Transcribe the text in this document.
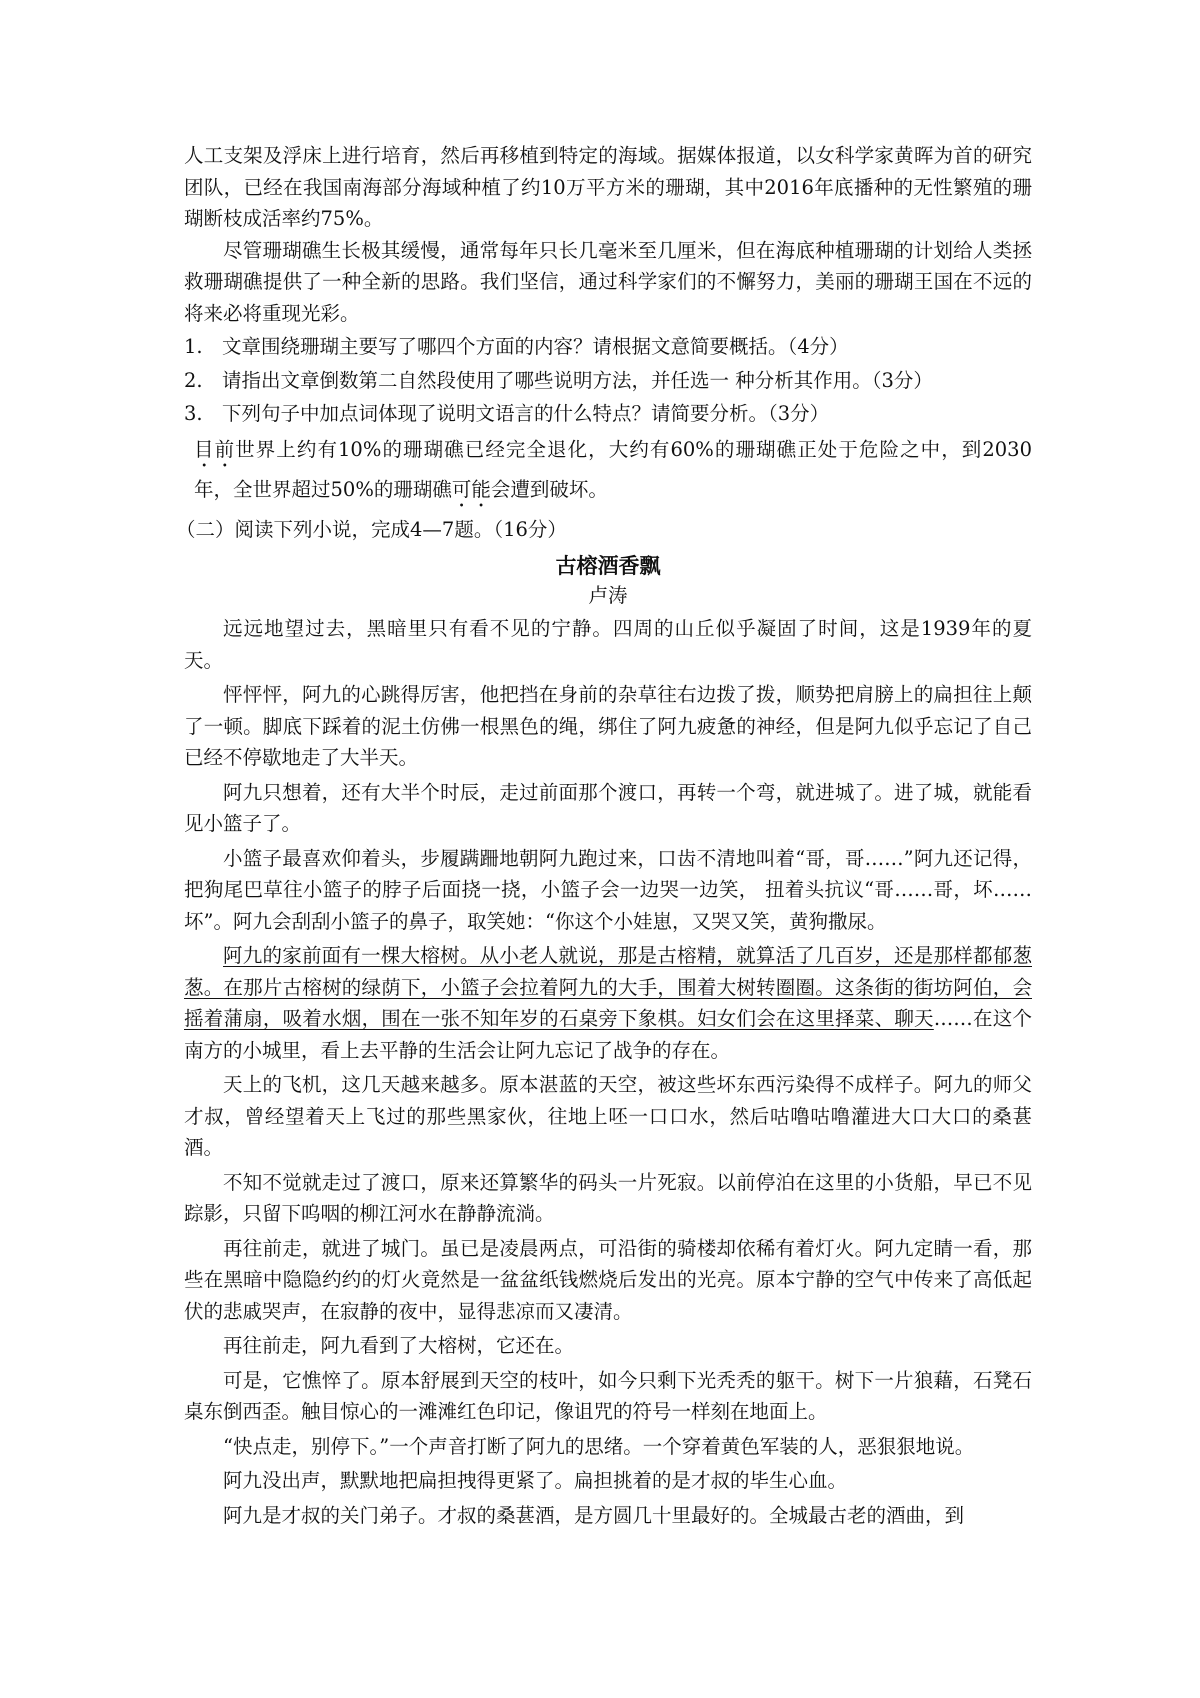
人工支架及浮床上进行培育，然后再移植到特定的海域。据媒体报道，以女科学家黄晖为首的研究团队，已经在我国南海部分海域种植了约10万平方米的珊瑚，其中2016年底播种的无性繁殖的珊瑚断枝成活率约75%。

尽管珊瑚礁生长极其缓慢，通常每年只长几毫米至几厘米，但在海底种植珊瑚的计划给人类拯救珊瑚礁提供了一种全新的思路。我们坚信，通过科学家们的不懈努力，美丽的珊瑚王国在不远的将来必将重现光彩。

1. 文章围绕珊瑚主要写了哪四个方面的内容？请根据文意简要概括。（4分）
2. 请指出文章倒数第二自然段使用了哪些说明方法，并任选一 种分析其作用。（3分）
3. 下列句子中加点词体现了说明文语言的什么特点？请简要分析。（3分）

目前世界上约有10%的珊瑚礁已经完全退化，大约有60%的珊瑚礁正处于危险之中，到2030年，全世界超过50%的珊瑚礁可能会遭到破坏。

（二）阅读下列小说，完成4—7题。（16分）

古榕酒香飘
卢涛

远远地望过去，黑暗里只有看不见的宁静。四周的山丘似乎凝固了时间，这是1939年的夏天。

怦怦怦，阿九的心跳得厉害，他把挡在身前的杂草往右边拨了拨，顺势把肩膀上的扁担往上颠了一顿。脚底下踩着的泥土仿佛一根黑色的绳，绑住了阿九疲惫的神经，但是阿九似乎忘记了自己已经不停歇地走了大半天。

阿九只想着，还有大半个时辰，走过前面那个渡口，再转一个弯，就进城了。进了城，就能看见小篮子了。

小篮子最喜欢仰着头，步履蹒跚地朝阿九跑过来，口齿不清地叫着“哥，哥……”阿九还记得，把狗尾巴草往小篮子的脖子后面挠一挠，小篮子会一边哭一边笑， 扭着头抗议“哥……哥，坏……坏”。阿九会刮刮小篮子的鼻子，取笑她：“你这个小娃崽，又哭又笑，黄狗撒尿。

阿九的家前面有一棵大榕树。从小老人就说，那是古榕精，就算活了几百岁，还是那样都郁葱葱。在那片古榕树的绿荫下，小篮子会拉着阿九的大手，围着大树转圈圈。这条街的街坊阿伯，会摇着蒲扇，吸着水烟，围在一张不知年岁的石桌旁下象棋。妇女们会在这里择菜、聊天……在这个南方的小城里，看上去平静的生活会让阿九忘记了战争的存在。

天上的飞机，这几天越来越多。原本湛蓝的天空，被这些坏东西污染得不成样子。阿九的师父才叔，曾经望着天上飞过的那些黑家伙，往地上呸一口口水，然后咕噜咕噜灌进大口大口的桑葚酒。

不知不觉就走过了渡口，原来还算繁华的码头一片死寂。以前停泊在这里的小货船，早已不见踪影，只留下呜咽的柳江河水在静静流淌。

再往前走，就进了城门。虽已是凌晨两点，可沿街的骑楼却依稀有着灯火。阿九定睛一看，那些在黑暗中隐隐约约的灯火竟然是一盆盆纸钱燃烧后发出的光亮。原本宁静的空气中传来了高低起伏的悲戚哭声，在寂静的夜中，显得悲凉而又凄清。

再往前走，阿九看到了大榕树，它还在。

可是，它憔悴了。原本舒展到天空的枝叶，如今只剩下光秃秃的躯干。树下一片狼藉，石凳石桌东倒西歪。触目惊心的一滩滩红色印记，像诅咒的符号一样刻在地面上。

“快点走，别停下。”一个声音打断了阿九的思绪。一个穿着黄色军装的人，恶狠狠地说。

阿九没出声，默默地把扁担拽得更紧了。扁担挑着的是才叔的毕生心血。

阿九是才叔的关门弟子。才叔的桑葚酒，是方圆几十里最好的。全城最古老的酒曲，到
